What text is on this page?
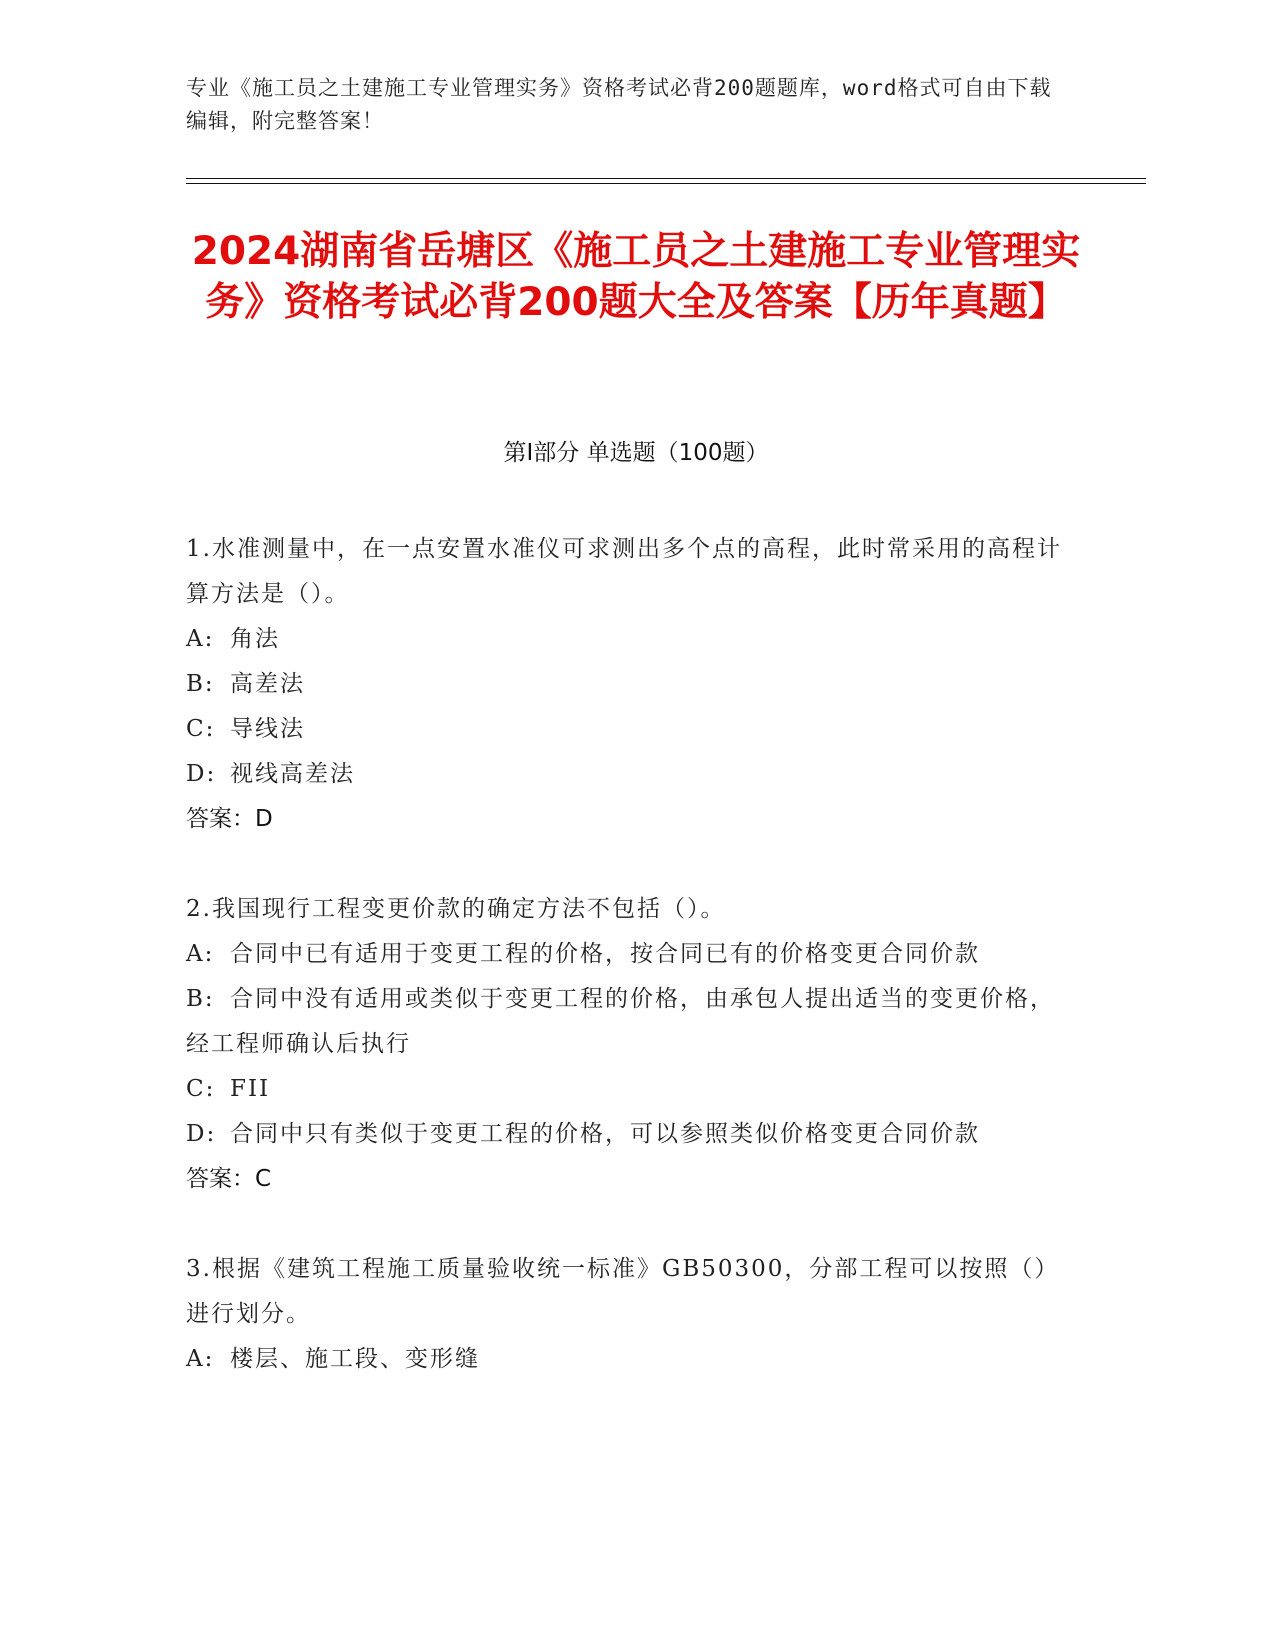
专业《施工员之土建施工专业管理实务》资格考试必背200题题库，word格式可自由下载编辑，附完整答案！
2024湖南省岳塘区《施工员之土建施工专业管理实务》资格考试必背200题大全及答案【历年真题】
第I部分 单选题（100题）
1.水准测量中，在一点安置水准仪可求测出多个点的高程，此时常采用的高程计算方法是（）。
A: 角法
B: 高差法
C: 导线法
D: 视线高差法
答案：D
2.我国现行工程变更价款的确定方法不包括（）。
A: 合同中已有适用于变更工程的价格，按合同已有的价格变更合同价款
B: 合同中没有适用或类似于变更工程的价格，由承包人提出适当的变更价格，经工程师确认后执行
C: FII
D: 合同中只有类似于变更工程的价格，可以参照类似价格变更合同价款
答案：C
3.根据《建筑工程施工质量验收统一标准》GB50300，分部工程可以按照（）进行划分。
A: 楼层、施工段、变形缝
